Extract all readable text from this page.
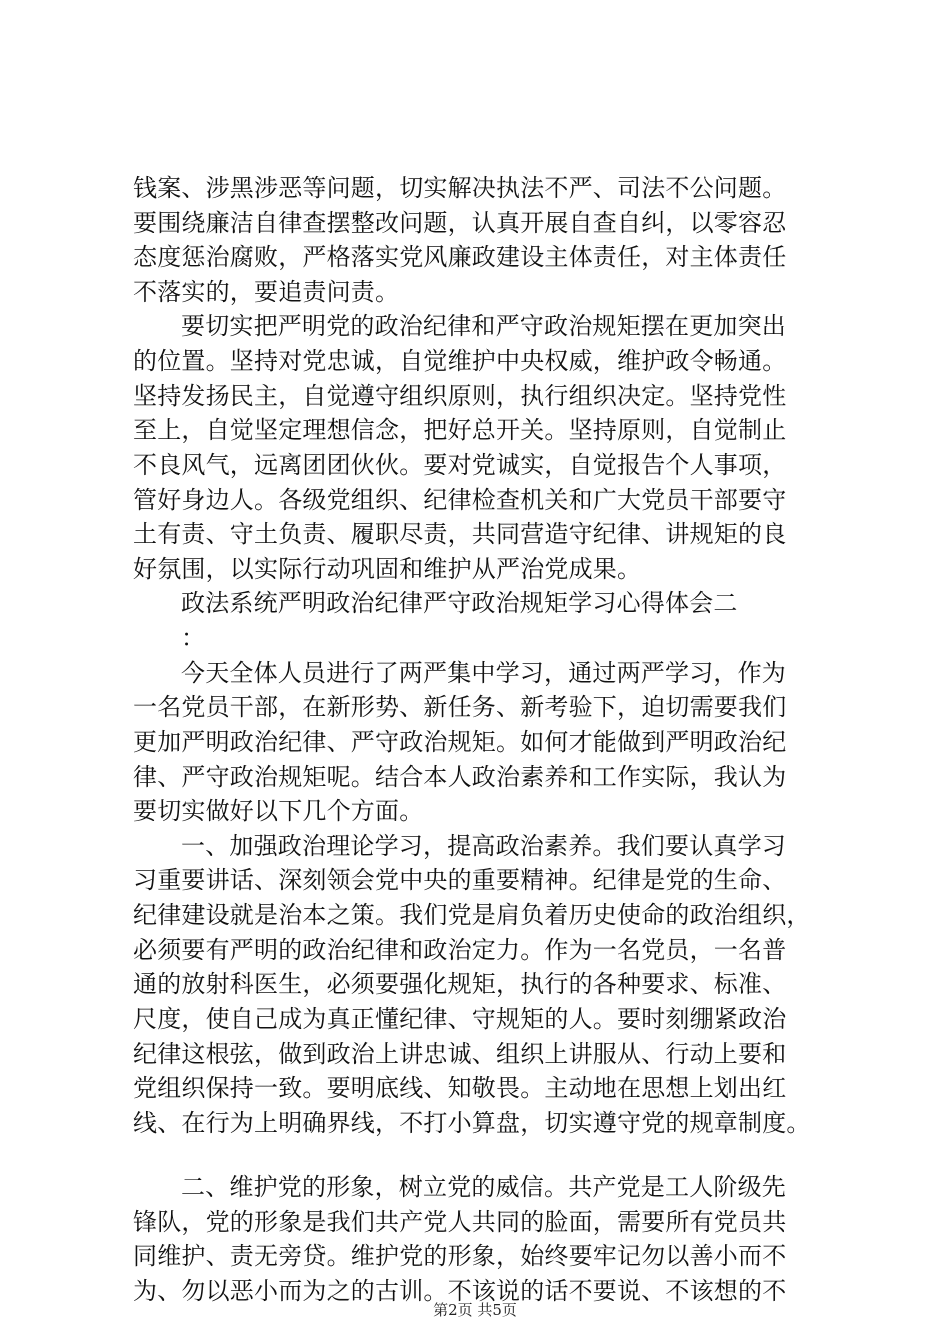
钱案、涉黑涉恶等问题，切实解决执法不严、司法不公问题。
要围绕廉洁自律查摆整改问题，认真开展自查自纠，以零容忍
态度惩治腐败，严格落实党风廉政建设主体责任，对主体责任
不落实的，要追责问责。
要切实把严明党的政治纪律和严守政治规矩摆在更加突出
的位置。坚持对党忠诚，自觉维护中央权威，维护政令畅通。
坚持发扬民主，自觉遵守组织原则，执行组织决定。坚持党性
至上，自觉坚定理想信念，把好总开关。坚持原则，自觉制止
不良风气，远离团团伙伙。要对党诚实，自觉报告个人事项，
管好身边人。各级党组织、纪律检查机关和广大党员干部要守
土有责、守土负责、履职尽责，共同营造守纪律、讲规矩的良
好氛围，以实际行动巩固和维护从严治党成果。
政法系统严明政治纪律严守政治规矩学习心得体会二
：
今天全体人员进行了两严集中学习，通过两严学习，作为
一名党员干部，在新形势、新任务、新考验下，迫切需要我们
更加严明政治纪律、严守政治规矩。如何才能做到严明政治纪
律、严守政治规矩呢。结合本人政治素养和工作实际，我认为
要切实做好以下几个方面。
一、加强政治理论学习，提高政治素养。我们要认真学习
习重要讲话、深刻领会党中央的重要精神。纪律是党的生命、
纪律建设就是治本之策。我们党是肩负着历史使命的政治组织，
必须要有严明的政治纪律和政治定力。作为一名党员，一名普
通的放射科医生，必须要强化规矩，执行的各种要求、标准、
尺度，使自己成为真正懂纪律、守规矩的人。要时刻绷紧政治
纪律这根弦，做到政治上讲忠诚、组织上讲服从、行动上要和
党组织保持一致。要明底线、知敬畏。主动地在思想上划出红
线、在行为上明确界线，不打小算盘，切实遵守党的规章制度。
二、维护党的形象，树立党的威信。共产党是工人阶级先
锋队，党的形象是我们共产党人共同的脸面，需要所有党员共
同维护、责无旁贷。维护党的形象，始终要牢记勿以善小而不
为、勿以恶小而为之的古训。不该说的话不要说、不该想的不
第2页 共5页
